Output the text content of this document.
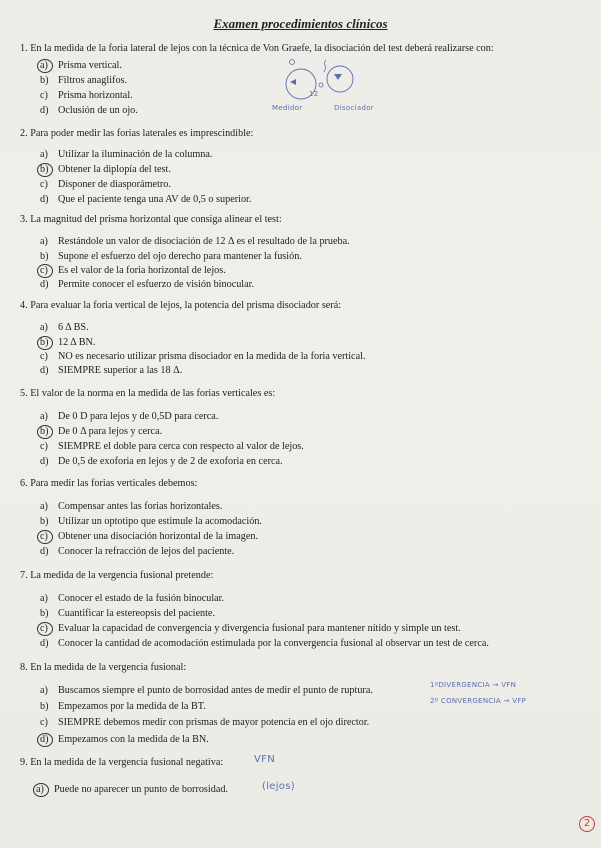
Examen procedimientos clínicos
1. En la medida de la foria lateral de lejos con la técnica de Von Graefe, la disociación del test deberá realizarse con:
a) Prisma vertical.
b) Filtros anaglifos.
c) Prisma horizontal.
d) Oclusión de un ojo.
12
Medidor	Disociador
2. Para poder medir las forias laterales es imprescindible:
a) Utilizar la iluminación de la columna.
b) Obtener la diplopía del test.
c) Disponer de diasporámetro.
d) Que el paciente tenga una AV de 0,5 o superior.
3. La magnitud del prisma horizontal que consiga alinear el test:
a) Restándole un valor de disociación de 12 Δ es el resultado de la prueba.
b) Supone el esfuerzo del ojo derecho para mantener la fusión.
c) Es el valor de la foria horizontal de lejos.
d) Permite conocer el esfuerzo de visión binocular.
4. Para evaluar la foria vertical de lejos, la potencia del prisma disociador será:
a) 6 Δ BS.
b) 12 Δ BN.
c) NO es necesario utilizar prisma disociador en la medida de la foria vertical.
d) SIEMPRE superior a las 18 Δ.
5. El valor de la norma en la medida de las forias verticales es:
a) De 0 D para lejos y de 0,5D para cerca.
b) De 0 Δ para lejos y cerca.
c) SIEMPRE el doble para cerca con respecto al valor de lejos.
d) De 0,5 de exoforia en lejos y de 2 de exoforia en cerca.
6. Para medir las forias verticales debemos:
a) Compensar antes las forias horizontales.
b) Utilizar un optotipo que estimule la acomodación.
c) Obtener una disociación horizontal de la imagen.
d) Conocer la refracción de lejos del paciente.
7. La medida de la vergencia fusional pretende:
a) Conocer el estado de la fusión binocular.
b) Cuantificar la estereopsis del paciente.
c) Evaluar la capacidad de convergencia y divergencia fusional para mantener nítido y simple un test.
d) Conocer la cantidad de acomodación estimulada por la convergencia fusional al observar un test de cerca.
8. En la medida de la vergencia fusional:
a) Buscamos siempre el punto de borrosidad antes de medir el punto de ruptura.
b) Empezamos por la medida de la BT.
c) SIEMPRE debemos medir con prismas de mayor potencia en el ojo director.
d) Empezamos con la medida de la BN.
1ºDIVERGENCIA → VFN
2º CONVERGENCIA → VFP
9. En la medida de la vergencia fusional negativa:	VFN
a) Puede no aparecer un punto de borrosidad.	(lejos)
2
